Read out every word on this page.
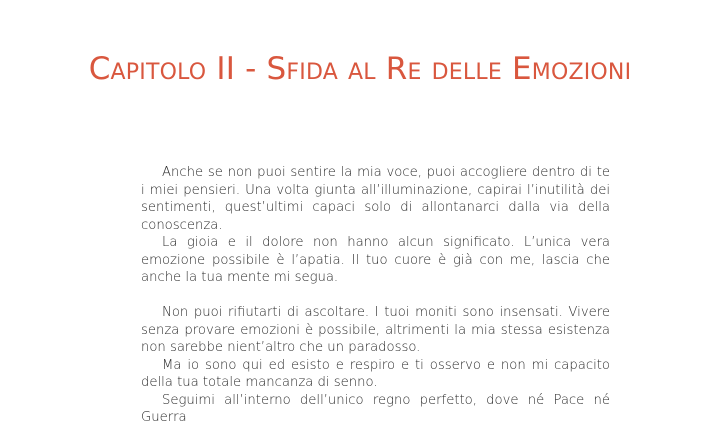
Capitolo II - Sfida al Re delle Emozioni

Anche se non puoi sentire la mia voce, puoi accogliere dentro di te i miei pensieri. Una volta giunta all’illuminazione, capirai l’inutilità dei sentimenti, quest’ultimi capaci solo di allontanarci dalla via della conoscenza.

La gioia e il dolore non hanno alcun significato. L’unica vera emozione possibile è l’apatia. Il tuo cuore è già con me, lascia che anche la tua mente mi segua.

Non puoi rifiutarti di ascoltare. I tuoi moniti sono insensati. Vivere senza provare emozioni è possibile, altrimenti la mia stessa esistenza non sarebbe nient’altro che un paradosso.

Ma io sono qui ed esisto e respiro e ti osservo e non mi capacito della tua totale mancanza di senno.

Seguimi all’interno dell’unico regno perfetto, dove né Pace né Guerra
